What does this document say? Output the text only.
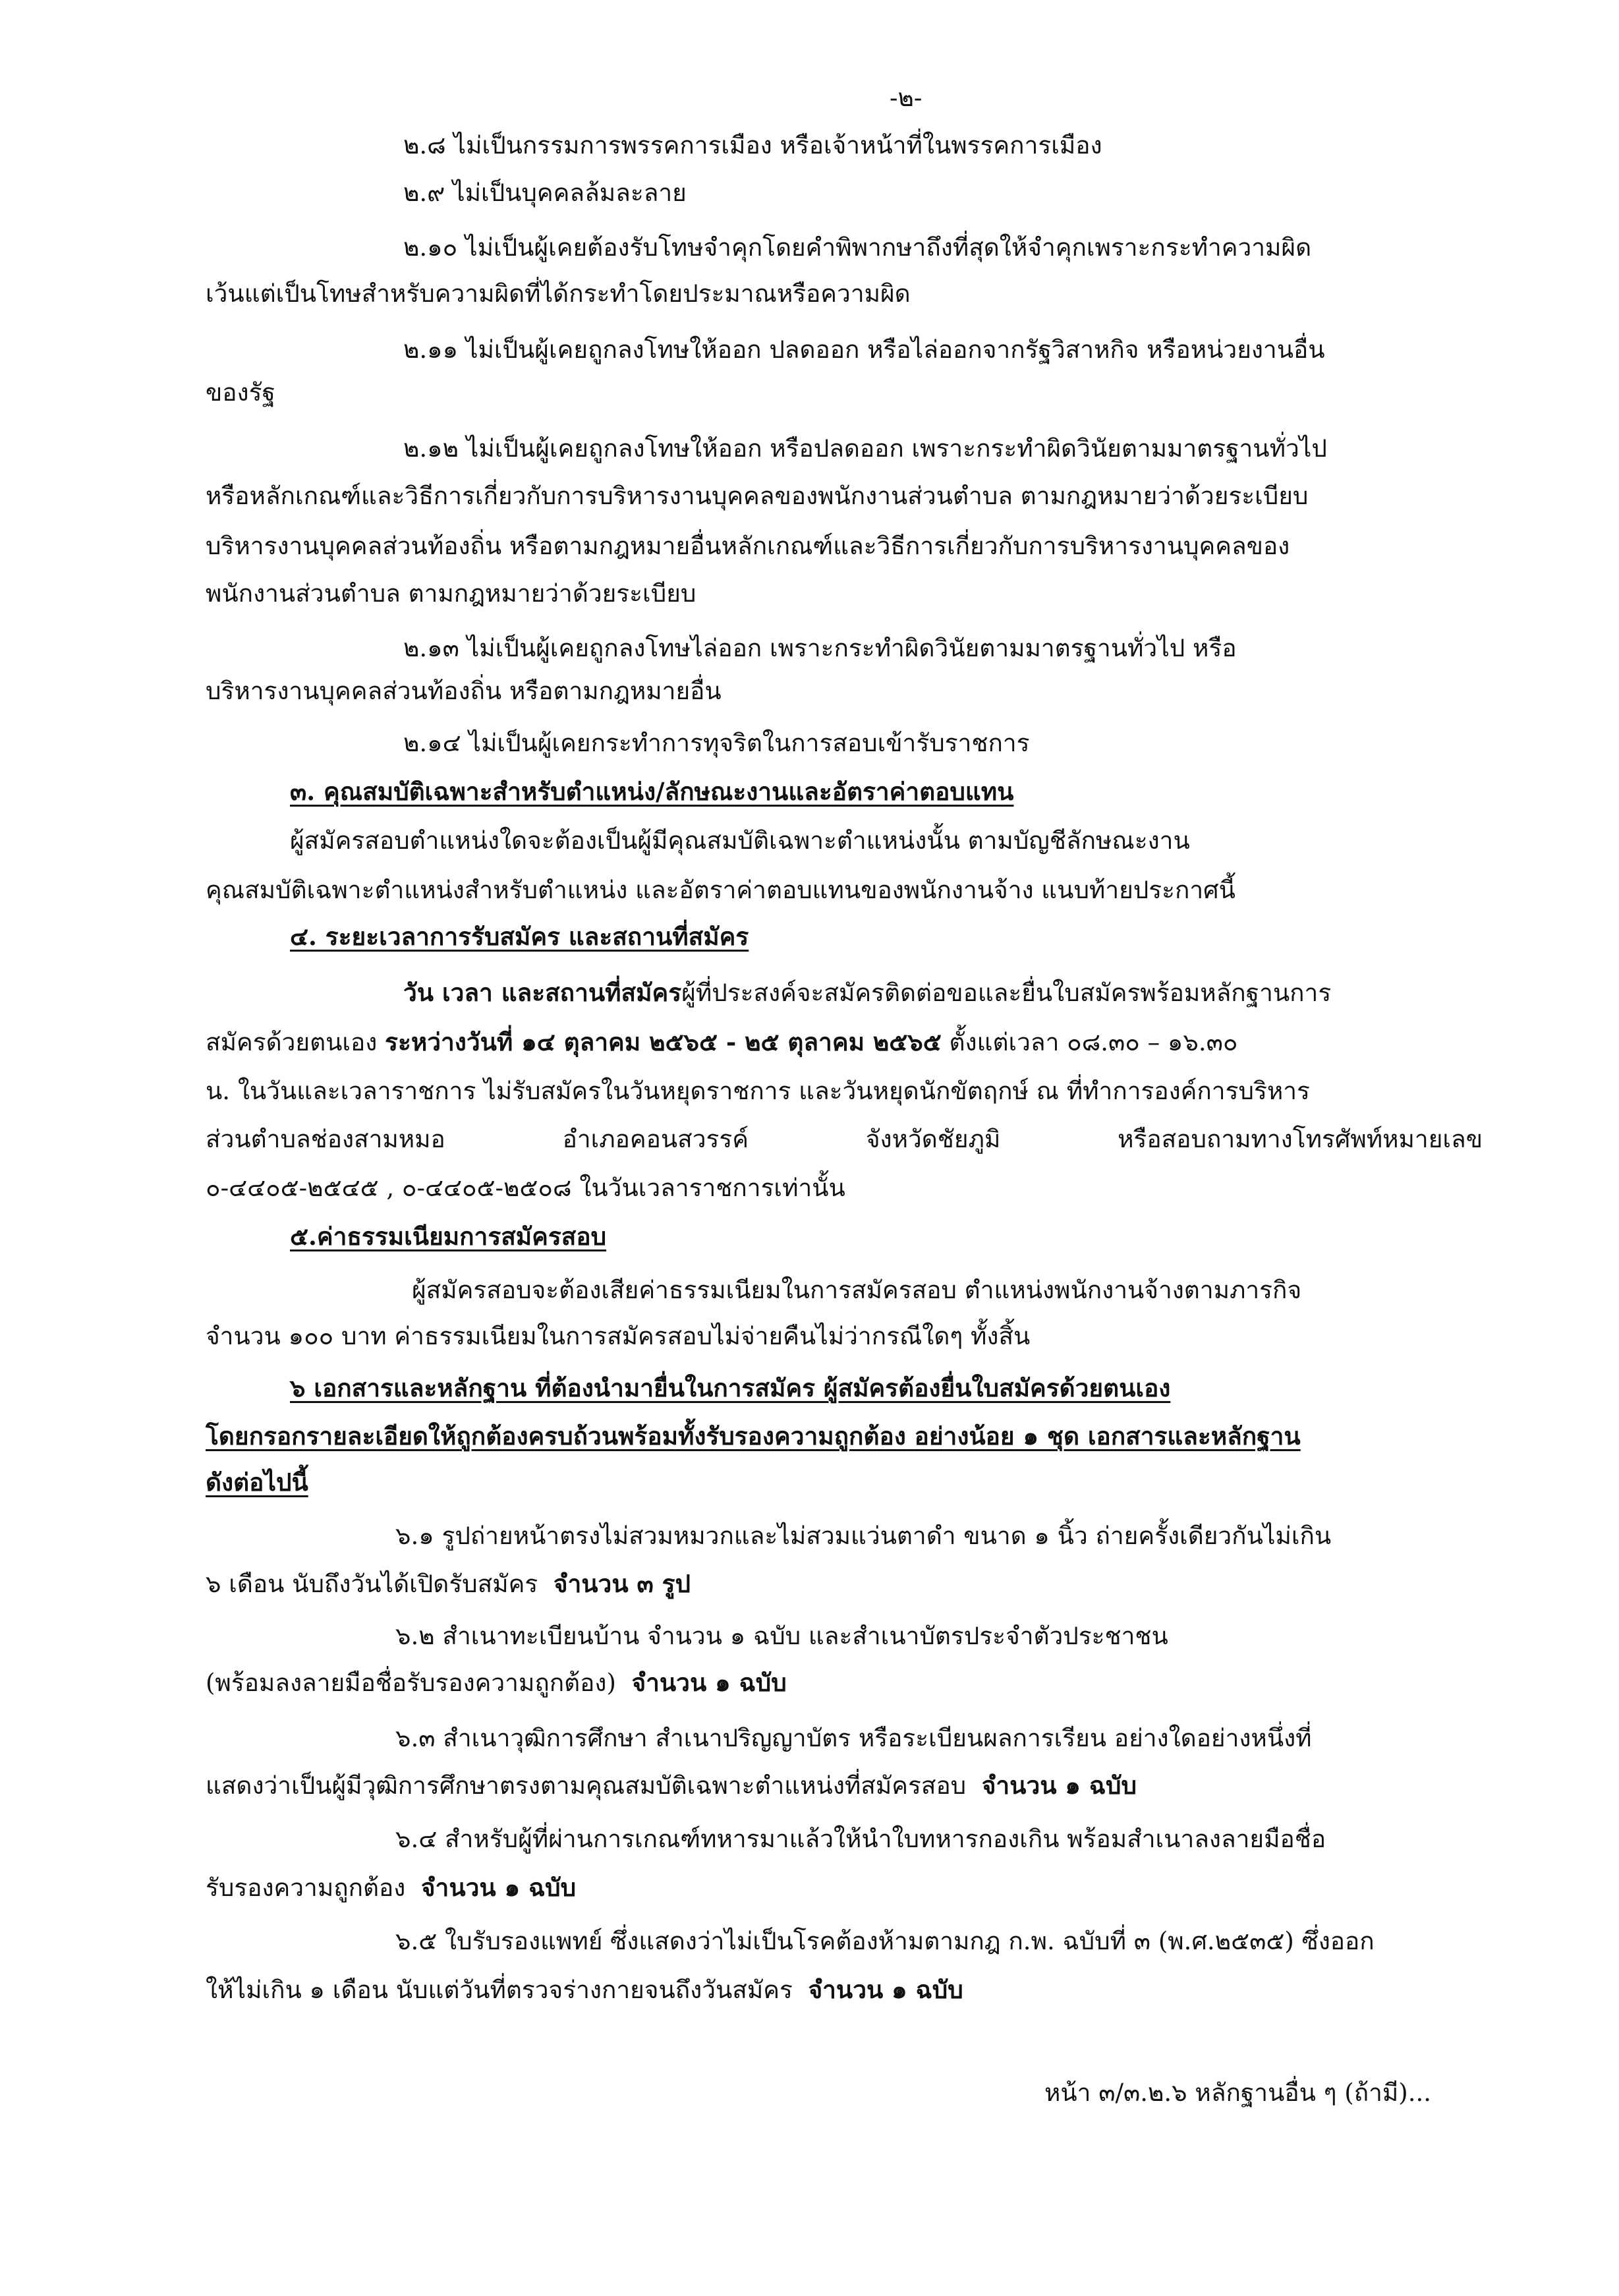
-๒-
๒.๘ ไม่เป็นกรรมการพรรคการเมือง หรือเจ้าหน้าที่ในพรรคการเมือง
๒.๙ ไม่เป็นบุคคลล้มละลาย
๒.๑๐ ไม่เป็นผู้เคยต้องรับโทษจำคุกโดยคำพิพากษาถึงที่สุดให้จำคุกเพราะกระทำความผิด
เว้นแต่เป็นโทษสำหรับความผิดที่ได้กระทำโดยประมาณหรือความผิด
๒.๑๑ ไม่เป็นผู้เคยถูกลงโทษให้ออก ปลดออก หรือไล่ออกจากรัฐวิสาหกิจ หรือหน่วยงานอื่น
ของรัฐ
๒.๑๒ ไม่เป็นผู้เคยถูกลงโทษให้ออก หรือปลดออก เพราะกระทำผิดวินัยตามมาตรฐานทั่วไป
หรือหลักเกณฑ์และวิธีการเกี่ยวกับการบริหารงานบุคคลของพนักงานส่วนตำบล ตามกฎหมายว่าด้วยระเบียบ
บริหารงานบุคคลส่วนท้องถิ่น หรือตามกฎหมายอื่นหลักเกณฑ์และวิธีการเกี่ยวกับการบริหารงานบุคคลของ
พนักงานส่วนตำบล ตามกฎหมายว่าด้วยระเบียบ
๒.๑๓ ไม่เป็นผู้เคยถูกลงโทษไล่ออก เพราะกระทำผิดวินัยตามมาตรฐานทั่วไป หรือ
บริหารงานบุคคลส่วนท้องถิ่น หรือตามกฎหมายอื่น
๒.๑๔ ไม่เป็นผู้เคยกระทำการทุจริตในการสอบเข้ารับราชการ
๓. คุณสมบัติเฉพาะสำหรับตำแหน่ง/ลักษณะงานและอัตราค่าตอบแทน
ผู้สมัครสอบตำแหน่งใดจะต้องเป็นผู้มีคุณสมบัติเฉพาะตำแหน่งนั้น ตามบัญชีลักษณะงาน
คุณสมบัติเฉพาะตำแหน่งสำหรับตำแหน่ง และอัตราค่าตอบแทนของพนักงานจ้าง แนบท้ายประกาศนี้
๔. ระยะเวลาการรับสมัคร และสถานที่สมัคร
วัน เวลา และสถานที่สมัครผู้ที่ประสงค์จะสมัครติดต่อขอและยื่นใบสมัครพร้อมหลักฐานการ
สมัครด้วยตนเอง ระหว่างวันที่ ๑๔ ตุลาคม ๒๕๖๕ - ๒๕ ตุลาคม ๒๕๖๕ ตั้งแต่เวลา ๐๘.๓๐ – ๑๖.๓๐
น. ในวันและเวลาราชการ ไม่รับสมัครในวันหยุดราชการ และวันหยุดนักขัตฤกษ์ ณ ที่ทำการองค์การบริหาร
ส่วนตำบลช่องสามหมอ	อำเภอคอนสวรรค์	จังหวัดชัยภูมิ	หรือสอบถามทางโทรศัพท์หมายเลข
๐-๔๔๐๕-๒๕๔๕ , ๐-๔๔๐๕-๒๕๐๘ ในวันเวลาราชการเท่านั้น
๕.ค่าธรรมเนียมการสมัครสอบ
ผู้สมัครสอบจะต้องเสียค่าธรรมเนียมในการสมัครสอบ ตำแหน่งพนักงานจ้างตามภารกิจ
จำนวน ๑๐๐ บาท ค่าธรรมเนียมในการสมัครสอบไม่จ่ายคืนไม่ว่ากรณีใดๆ ทั้งสิ้น
๖ เอกสารและหลักฐาน ที่ต้องนำมายื่นในการสมัคร ผู้สมัครต้องยื่นใบสมัครด้วยตนเอง
โดยกรอกรายละเอียดให้ถูกต้องครบถ้วนพร้อมทั้งรับรองความถูกต้อง อย่างน้อย ๑ ชุด เอกสารและหลักฐาน
ดังต่อไปนี้
๖.๑ รูปถ่ายหน้าตรงไม่สวมหมวกและไม่สวมแว่นตาดำ ขนาด ๑ นิ้ว ถ่ายครั้งเดียวกันไม่เกิน
๖ เดือน นับถึงวันได้เปิดรับสมัคร จำนวน ๓ รูป
๖.๒ สำเนาทะเบียนบ้าน จำนวน ๑ ฉบับ และสำเนาบัตรประจำตัวประชาชน
(พร้อมลงลายมือชื่อรับรองความถูกต้อง) จำนวน ๑ ฉบับ
๖.๓ สำเนาวุฒิการศึกษา สำเนาปริญญาบัตร หรือระเบียนผลการเรียน อย่างใดอย่างหนึ่งที่
แสดงว่าเป็นผู้มีวุฒิการศึกษาตรงตามคุณสมบัติเฉพาะตำแหน่งที่สมัครสอบ จำนวน ๑ ฉบับ
๖.๔ สำหรับผู้ที่ผ่านการเกณฑ์ทหารมาแล้วให้นำใบทหารกองเกิน พร้อมสำเนาลงลายมือชื่อ
รับรองความถูกต้อง จำนวน ๑ ฉบับ
๖.๕ ใบรับรองแพทย์ ซึ่งแสดงว่าไม่เป็นโรคต้องห้ามตามกฎ ก.พ. ฉบับที่ ๓ (พ.ศ.๒๕๓๕) ซึ่งออก
ให้ไม่เกิน ๑ เดือน นับแต่วันที่ตรวจร่างกายจนถึงวันสมัคร จำนวน ๑ ฉบับ
หน้า ๓/๓.๒.๖ หลักฐานอื่น ๆ (ถ้ามี)...
